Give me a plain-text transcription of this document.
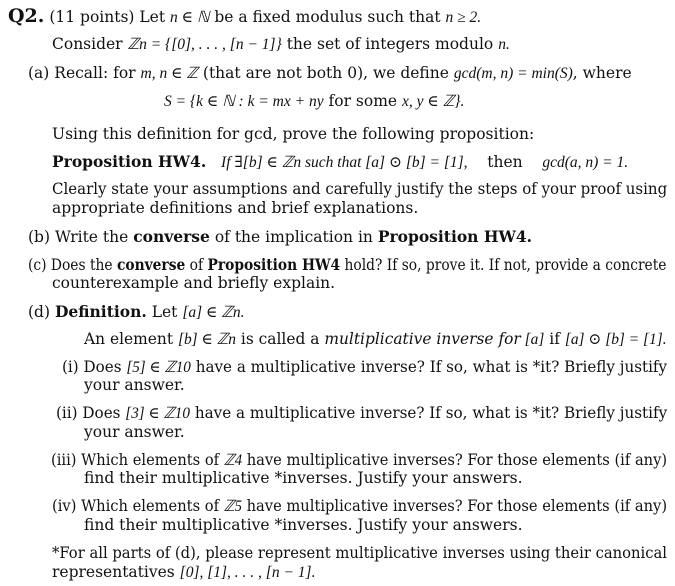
Q2. (11 points) Let n ∈ ℕ be a fixed modulus such that n ≥ 2.
Consider ℤn = {[0], . . . , [n − 1]} the set of integers modulo n.
(a) Recall: for m, n ∈ ℤ (that are not both 0), we define gcd(m, n) = min(S), where
S = {k ∈ ℕ : k = mx + ny for some x, y ∈ ℤ}.
Using this definition for gcd, prove the following proposition:
Proposition HW4. If ∃[b] ∈ ℤn such that [a] ⊙ [b] = [1], then gcd(a, n) = 1.
Clearly state your assumptions and carefully justify the steps of your proof using
appropriate definitions and brief explanations.
(b) Write the converse of the implication in Proposition HW4.
(c) Does the converse of Proposition HW4 hold? If so, prove it. If not, provide a concrete
counterexample and briefly explain.
(d) Definition. Let [a] ∈ ℤn.
An element [b] ∈ ℤn is called a multiplicative inverse for [a] if [a] ⊙ [b] = [1].
(i) Does [5] ∈ ℤ10 have a multiplicative inverse? If so, what is *it? Briefly justify
your answer.
(ii) Does [3] ∈ ℤ10 have a multiplicative inverse? If so, what is *it? Briefly justify
your answer.
(iii) Which elements of ℤ4 have multiplicative inverses? For those elements (if any)
find their multiplicative *inverses. Justify your answers.
(iv) Which elements of ℤ5 have multiplicative inverses? For those elements (if any)
find their multiplicative *inverses. Justify your answers.
*For all parts of (d), please represent multiplicative inverses using their canonical
representatives [0], [1], . . . , [n − 1].
